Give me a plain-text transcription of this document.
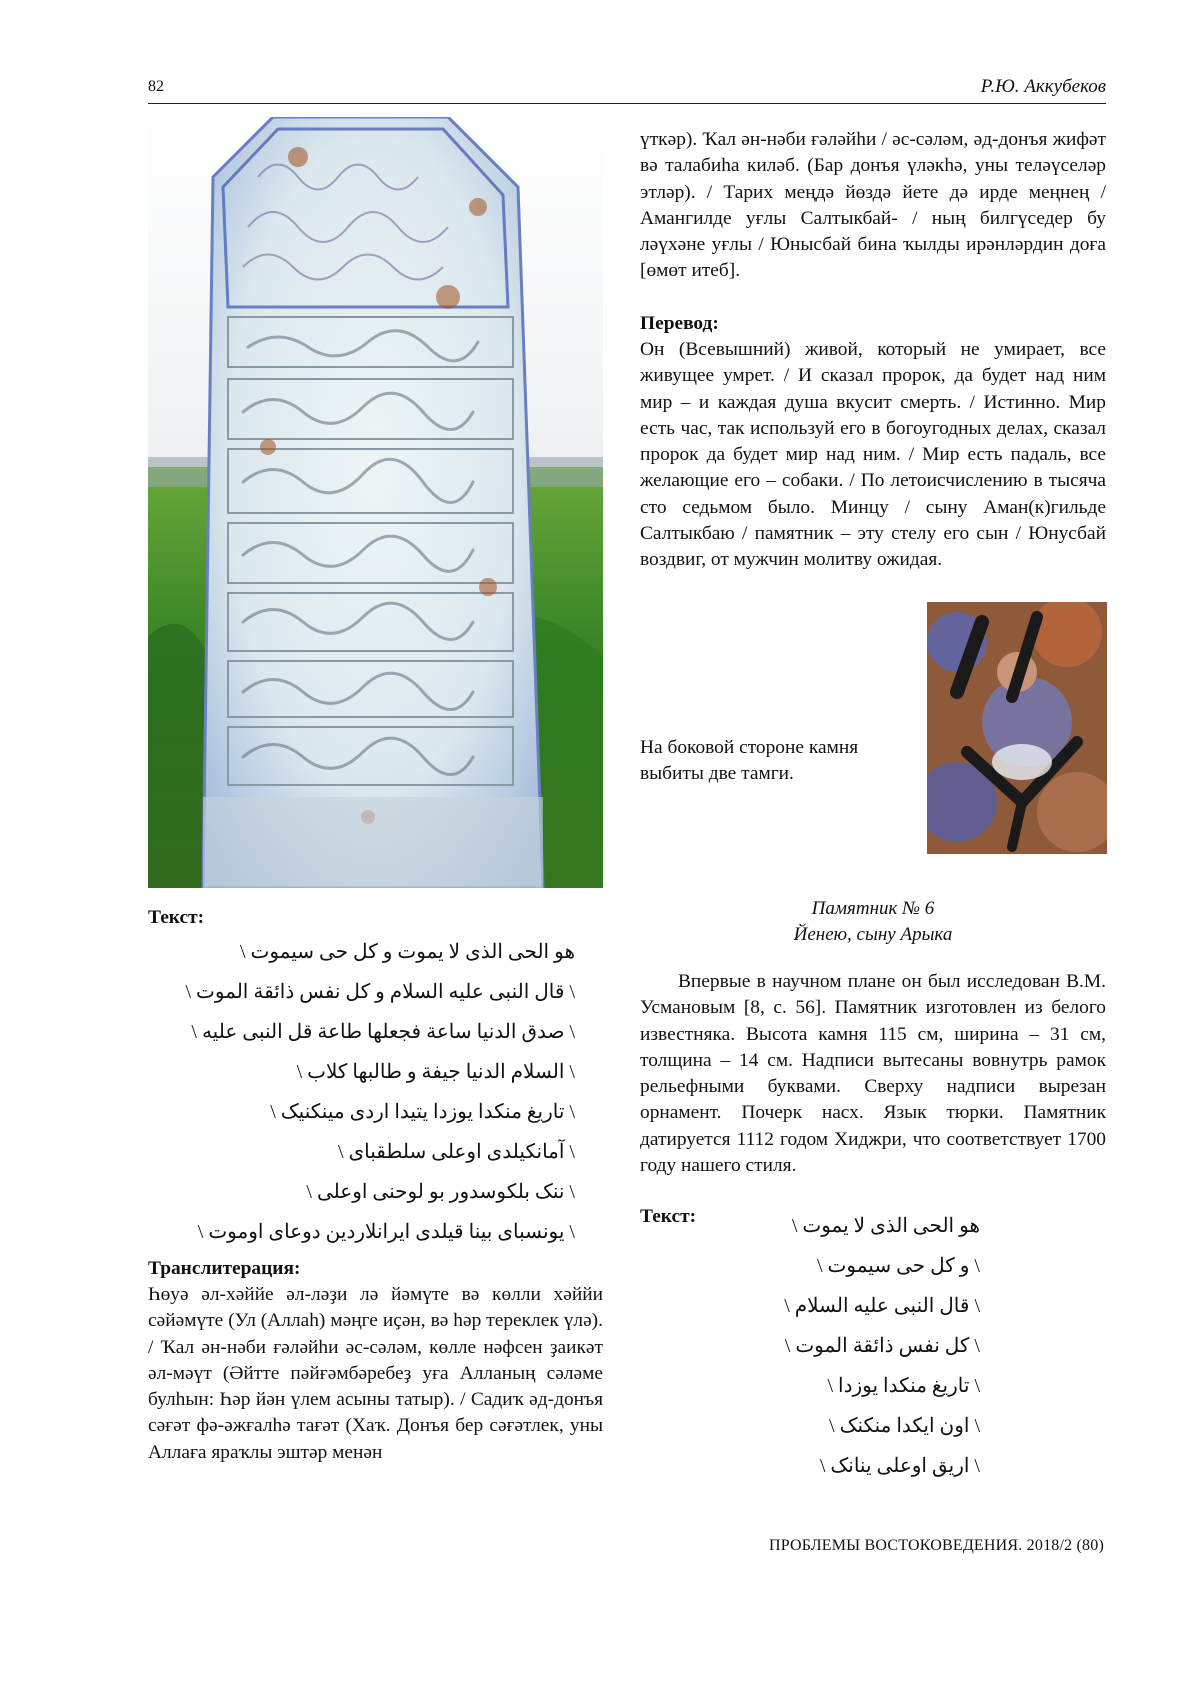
82	Р.Ю. Аккубеков
Текст:
هو الحی الذی لا یموت و کل حی سیموت \
\ قال النبی علیه السلام و کل نفس ذائقة الموت \
\ صدق الدنیا ساعة فجعلها طاعة قل النبی علیه \
\ السلام الدنیا جیفة و طالبها کلاب \
\ تاریغ منکدا یوزدا یتیدا اردی مینکنیک \
\ آمانکیلدی اوعلی سلطقبای \
\ ننک بلکوسدور بو لوحنی اوعلی \
\ یونسبای بینا قیلدی ایرانلاردین دوعای اوموت \
Транслитерация:

Һөуә әл-хәййе әл-ләҙи лә йәмүте вә көлли хәййи сәйәмүте (Ул (Аллаһ) мәңге иҫән, вә һәр тереклек үлә). / Ҡал ән-нәби ғәләйһи әс-сәләм, көлле нәфсен ҙаикәт әл-мәүт (Әйтте пәйғәмбәребеҙ уға Алланың сәләме булһын: Һәр йән үлем асыны татыр). / Садиҡ әд-донъя сәғәт фә-әжғалһә тағәт (Хаҡ. Донъя бер сәғәтлек, уны Аллаға яраҡлы эштәр менән

үткәр). Ҡал ән-нәби ғәләйһи / әс-сәләм, әд-донъя жифәт вә талабиһа киләб. (Бар донъя үләкһә, уны теләүселәр этләр). / Тарих меңдә йөздә йете дә ирде меңнең / Амангилде уғлы Салтыкбай- / ның билгүседер бу ләүхәне уғлы / Юнысбай бина ҡылды ирәнләрдин доға [өмөт итеб].

Перевод:

Он (Всевышний) живой, который не умирает, все живущее умрет. / И сказал пророк, да будет над ним мир – и каждая душа вкусит смерть. / Истинно. Мир есть час, так используй его в богоугодных делах, сказал пророк да будет мир над ним. / Мир есть падаль, все желающие его – собаки. / По летоисчислению в тысяча сто седьмом было. Минцу / сыну Аман(к)гильде Салтыкбаю / памятник – эту стелу его сын / Юнусбай воздвиг, от мужчин молитву ожидая.

На боковой стороне камня выбиты две тамги.

Памятник № 6
Йенею, сыну Арыка

Впервые в научном плане он был исследован В.М. Усмановым [8, с. 56]. Памятник изготовлен из белого известняка. Высота камня 115 см, ширина – 31 см, толщина – 14 см. Надписи вытесаны вовнутрь рамок рельефными буквами. Сверху надписи вырезан орнамент. Почерк насх. Язык тюрки. Памятник датируется 1112 годом Хиджри, что соответствует 1700 году нашего стиля.

Текст:	هو الحی الذی لا یموت \
\ و کل حی سیموت \
\ قال النبی علیه السلام \
\ کل نفس ذائقة الموت \
\ تاریغ منکدا یوزدا \
\ اون ایکدا منکنک \
\ اریق اوعلی ینانک \
ПРОБЛЕМЫ ВОСТОКОВЕДЕНИЯ. 2018/2 (80)
